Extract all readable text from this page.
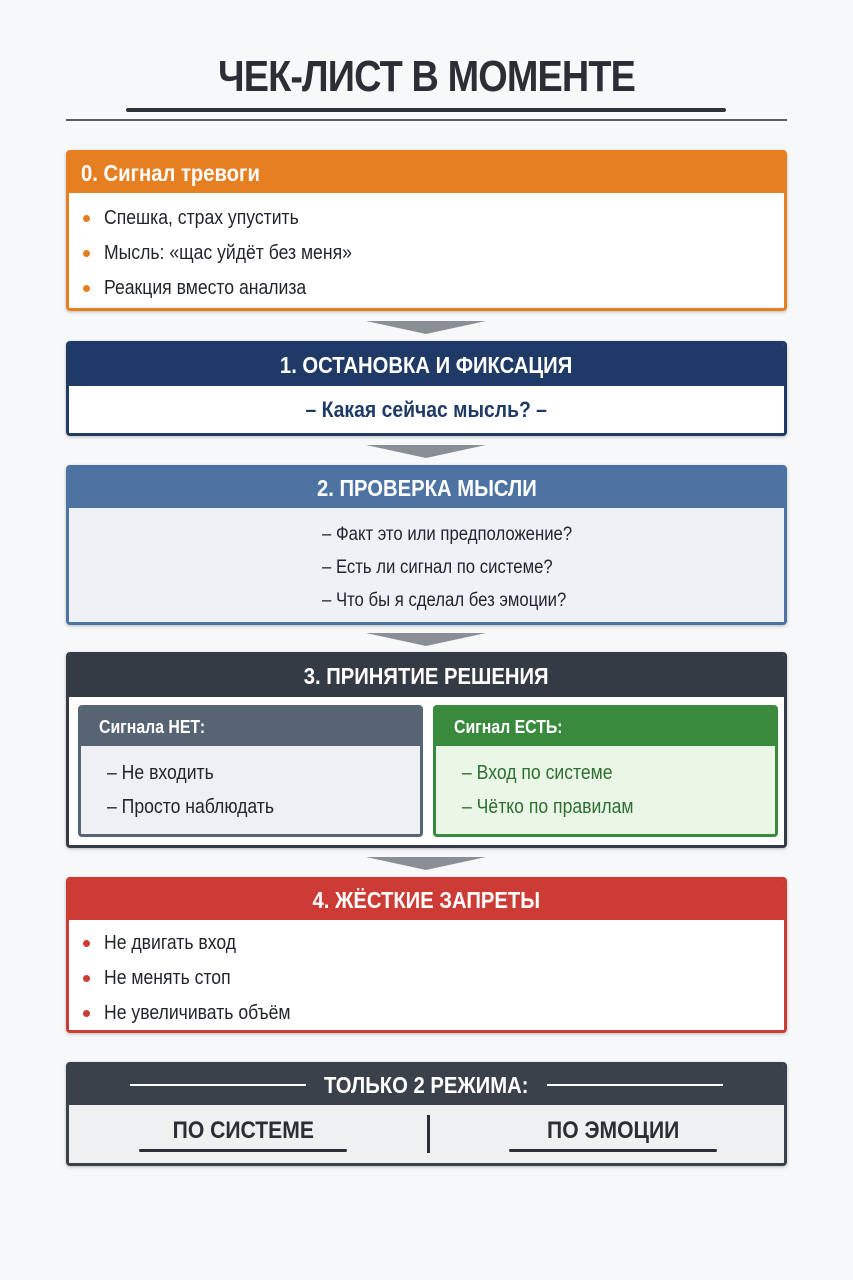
ЧЕК-ЛИСТ В МОМЕНТЕ
0. Сигнал тревоги
Спешка, страх упустить
Мысль: «щас уйдёт без меня»
Реакция вместо анализа
1. ОСТАНОВКА И ФИКСАЦИЯ
– Какая сейчас мысль? –
2. ПРОВЕРКА МЫСЛИ
– Факт это или предположение?
– Есть ли сигнал по системе?
– Что бы я сделал без эмоции?
3. ПРИНЯТИЕ РЕШЕНИЯ
Сигнала НЕТ:
– Не входить
– Просто наблюдать
Сигнал ЕСТЬ:
– Вход по системе
– Чётко по правилам
4. ЖЁСТКИЕ ЗАПРЕТЫ
Не двигать вход
Не менять стоп
Не увеличивать объём
ТОЛЬКО 2 РЕЖИМА:
ПО СИСТЕМЕ	ПО ЭМОЦИИ
